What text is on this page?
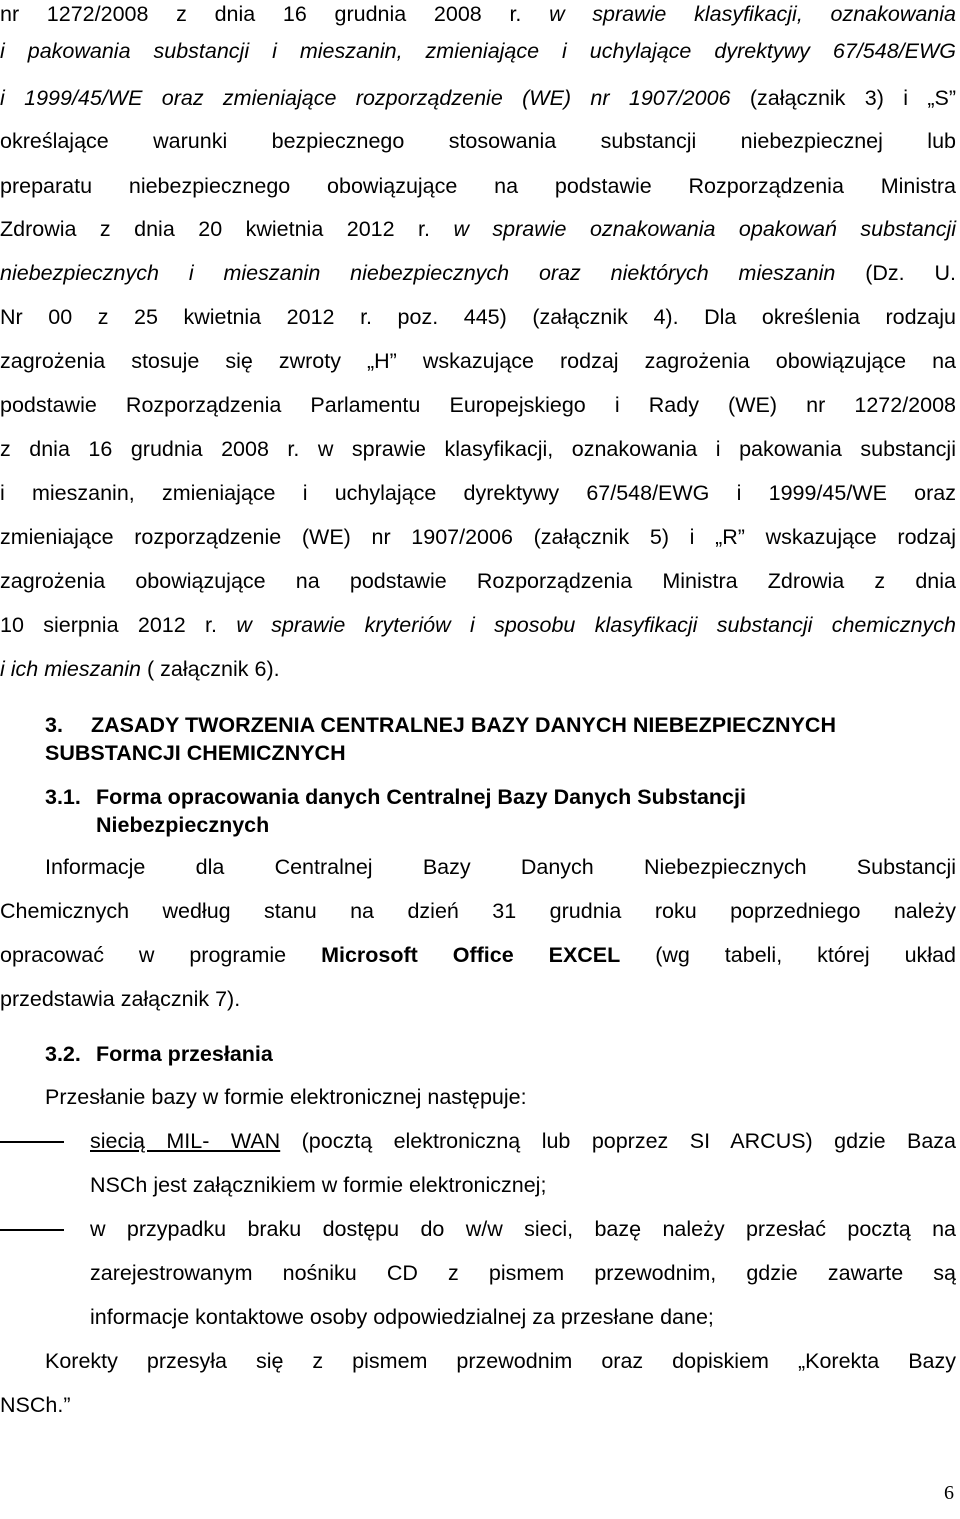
nr 1272/2008 z dnia 16 grudnia 2008 r. w sprawie klasyfikacji, oznakowania
i pakowania substancji i mieszanin, zmieniające i uchylające dyrektywy 67/548/EWG
i 1999/45/WE oraz zmieniające rozporządzenie (WE) nr 1907/2006 (załącznik 3) i „S”
określające warunki bezpiecznego stosowania substancji niebezpiecznej lub
preparatu niebezpiecznego obowiązujące na podstawie Rozporządzenia Ministra
Zdrowia z dnia 20 kwietnia 2012 r. w sprawie oznakowania opakowań substancji
niebezpiecznych i mieszanin niebezpiecznych oraz niektórych mieszanin (Dz. U.
Nr 00 z 25 kwietnia 2012 r. poz. 445) (załącznik 4). Dla określenia rodzaju
zagrożenia stosuje się zwroty „H” wskazujące rodzaj zagrożenia obowiązujące na
podstawie Rozporządzenia Parlamentu Europejskiego i Rady (WE) nr 1272/2008
z dnia 16 grudnia 2008 r. w sprawie klasyfikacji, oznakowania i pakowania substancji
i mieszanin, zmieniające i uchylające dyrektywy 67/548/EWG i 1999/45/WE oraz
zmieniające rozporządzenie (WE) nr 1907/2006 (załącznik 5) i „R” wskazujące rodzaj
zagrożenia obowiązujące na podstawie Rozporządzenia Ministra Zdrowia z dnia
10 sierpnia 2012 r. w sprawie kryteriów i sposobu klasyfikacji substancji chemicznych
i ich mieszanin ( załącznik 6).
3. ZASADY TWORZENIA CENTRALNEJ BAZY DANYCH NIEBEZPIECZNYCH
SUBSTANCJI CHEMICZNYCH
3.1. Forma opracowania danych Centralnej Bazy Danych Substancji
Niebezpiecznych
Informacje dla Centralnej Bazy Danych Niebezpiecznych Substancji
Chemicznych według stanu na dzień 31 grudnia roku poprzedniego należy
opracować w programie Microsoft Office EXCEL (wg tabeli, której układ
przedstawia załącznik 7).
3.2. Forma przesłania
Przesłanie bazy w formie elektronicznej następuje:
siecią MIL- WAN (pocztą elektroniczną lub poprzez SI ARCUS) gdzie Baza
NSCh jest załącznikiem w formie elektronicznej;
w przypadku braku dostępu do w/w sieci, bazę należy przesłać pocztą na
zarejestrowanym nośniku CD z pismem przewodnim, gdzie zawarte są
informacje kontaktowe osoby odpowiedzialnej za przesłane dane;
Korekty przesyła się z pismem przewodnim oraz dopiskiem „Korekta Bazy
NSCh.”
6
